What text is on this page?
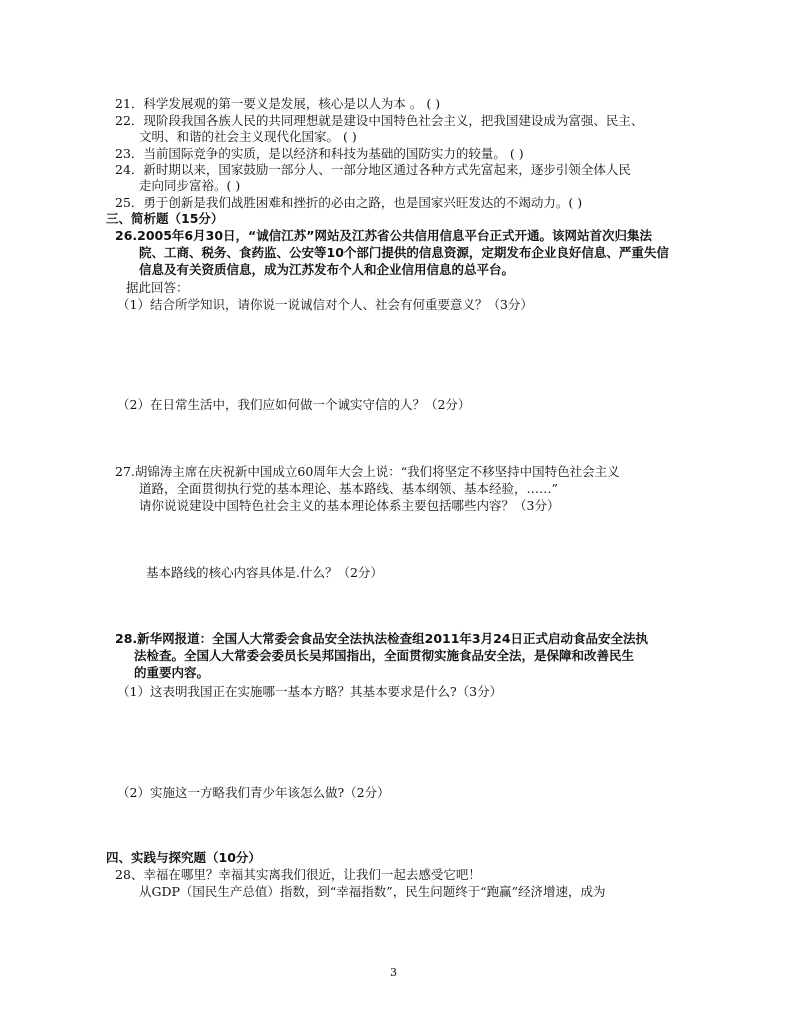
21．科学发展观的第一要义是发展，核心是以人为本 。 ( )
22．现阶段我国各族人民的共同理想就是建设中国特色社会主义，把我国建设成为富强、民主、
文明、和谐的社会主义现代化国家。 ( )
23．当前国际竞争的实质，是以经济和科技为基础的国防实力的较量。 ( )
24．新时期以来，国家鼓励一部分人、一部分地区通过各种方式先富起来，逐步引领全体人民
走向同步富裕。( )
25．勇于创新是我们战胜困难和挫折的必由之路，也是国家兴旺发达的不竭动力。( )
三、简析题（15分）
26.2005年6月30日，“诚信江苏”网站及江苏省公共信用信息平台正式开通。该网站首次归集法
院、工商、税务、食药监、公安等10个部门提供的信息资源，定期发布企业良好信息、严重失信
信息及有关资质信息，成为江苏发布个人和企业信用信息的总平台。
据此回答：
（1）结合所学知识，请你说一说诚信对个人、社会有何重要意义？（3分）
（2）在日常生活中，我们应如何做一个诚实守信的人？（2分）
27.胡锦涛主席在庆祝新中国成立60周年大会上说：“我们将坚定不移坚持中国特色社会主义
道路，全面贯彻执行党的基本理论、基本路线、基本纲领、基本经验，……”
请你说说建设中国特色社会主义的基本理论体系主要包括哪些内容？（3分）
基本路线的核心内容具体是.什么？（2分）
28.新华网报道：全国人大常委会食品安全法执法检查组2011年3月24日正式启动食品安全法执
法检查。全国人大常委会委员长吴邦国指出，全面贯彻实施食品安全法，是保障和改善民生
的重要内容。
（1）这表明我国正在实施哪一基本方略？其基本要求是什么?（3分）
（2）实施这一方略我们青少年该怎么做?（2分）
四、实践与探究题（10分）
28、幸福在哪里？幸福其实离我们很近，让我们一起去感受它吧！
从GDP（国民生产总值）指数，到“幸福指数”，民生问题终于“跑赢”经济增速，成为
3
